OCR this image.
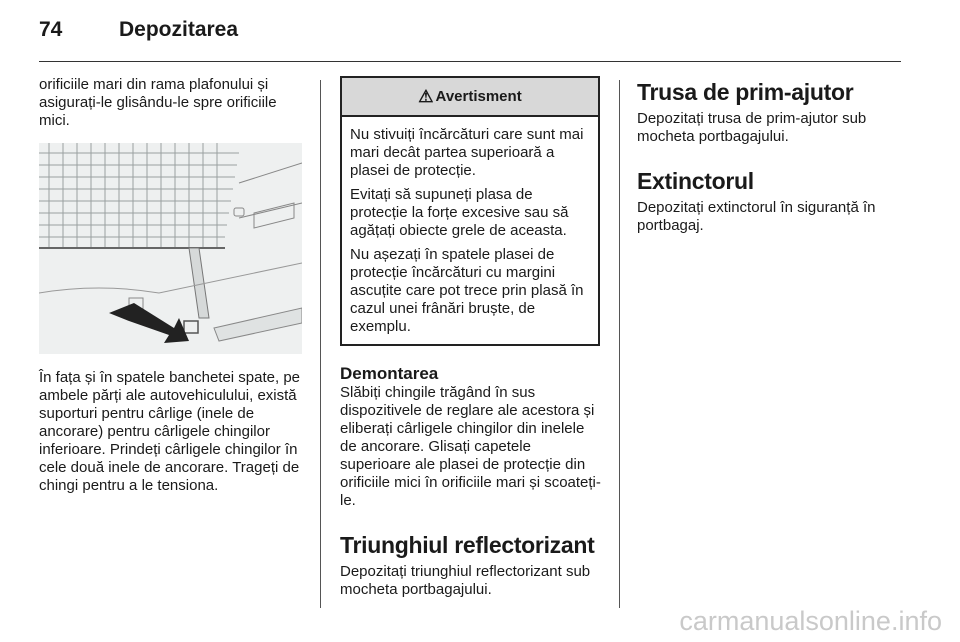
74	Depozitarea

orificiile mari din rama plafonului și asigurați-le glisându-le spre orificiile mici.

În fața și în spatele banchetei spate, pe ambele părți ale autovehiculului, există suporturi pentru cârlige (inele de ancorare) pentru cârligele chingilor inferioare. Prindeți cârligele chingilor în cele două inele de ancorare. Trageți de chingi pentru a le tensiona.

⚠ Avertisment

Nu stivuiți încărcături care sunt mai mari decât partea superioară a plasei de protecție.

Evitați să supuneți plasa de protecție la forțe excesive sau să agățați obiecte grele de aceasta.

Nu așezați în spatele plasei de protecție încărcături cu margini ascuțite care pot trece prin plasă în cazul unei frânări bruște, de exemplu.

Demontarea

Slăbiți chingile trăgând în sus dispozitivele de reglare ale acestora și eliberați cârligele chingilor din inelele de ancorare. Glisați capetele superioare ale plasei de protecție din orificiile mici în orificiile mari și scoateți-le.

Triunghiul reflectorizant

Depozitați triunghiul reflectorizant sub mocheta portbagajului.

Trusa de prim-ajutor

Depozitați trusa de prim-ajutor sub mocheta portbagajului.

Extinctorul

Depozitați extinctorul în siguranță în portbagaj.

carmanualsonline.info
